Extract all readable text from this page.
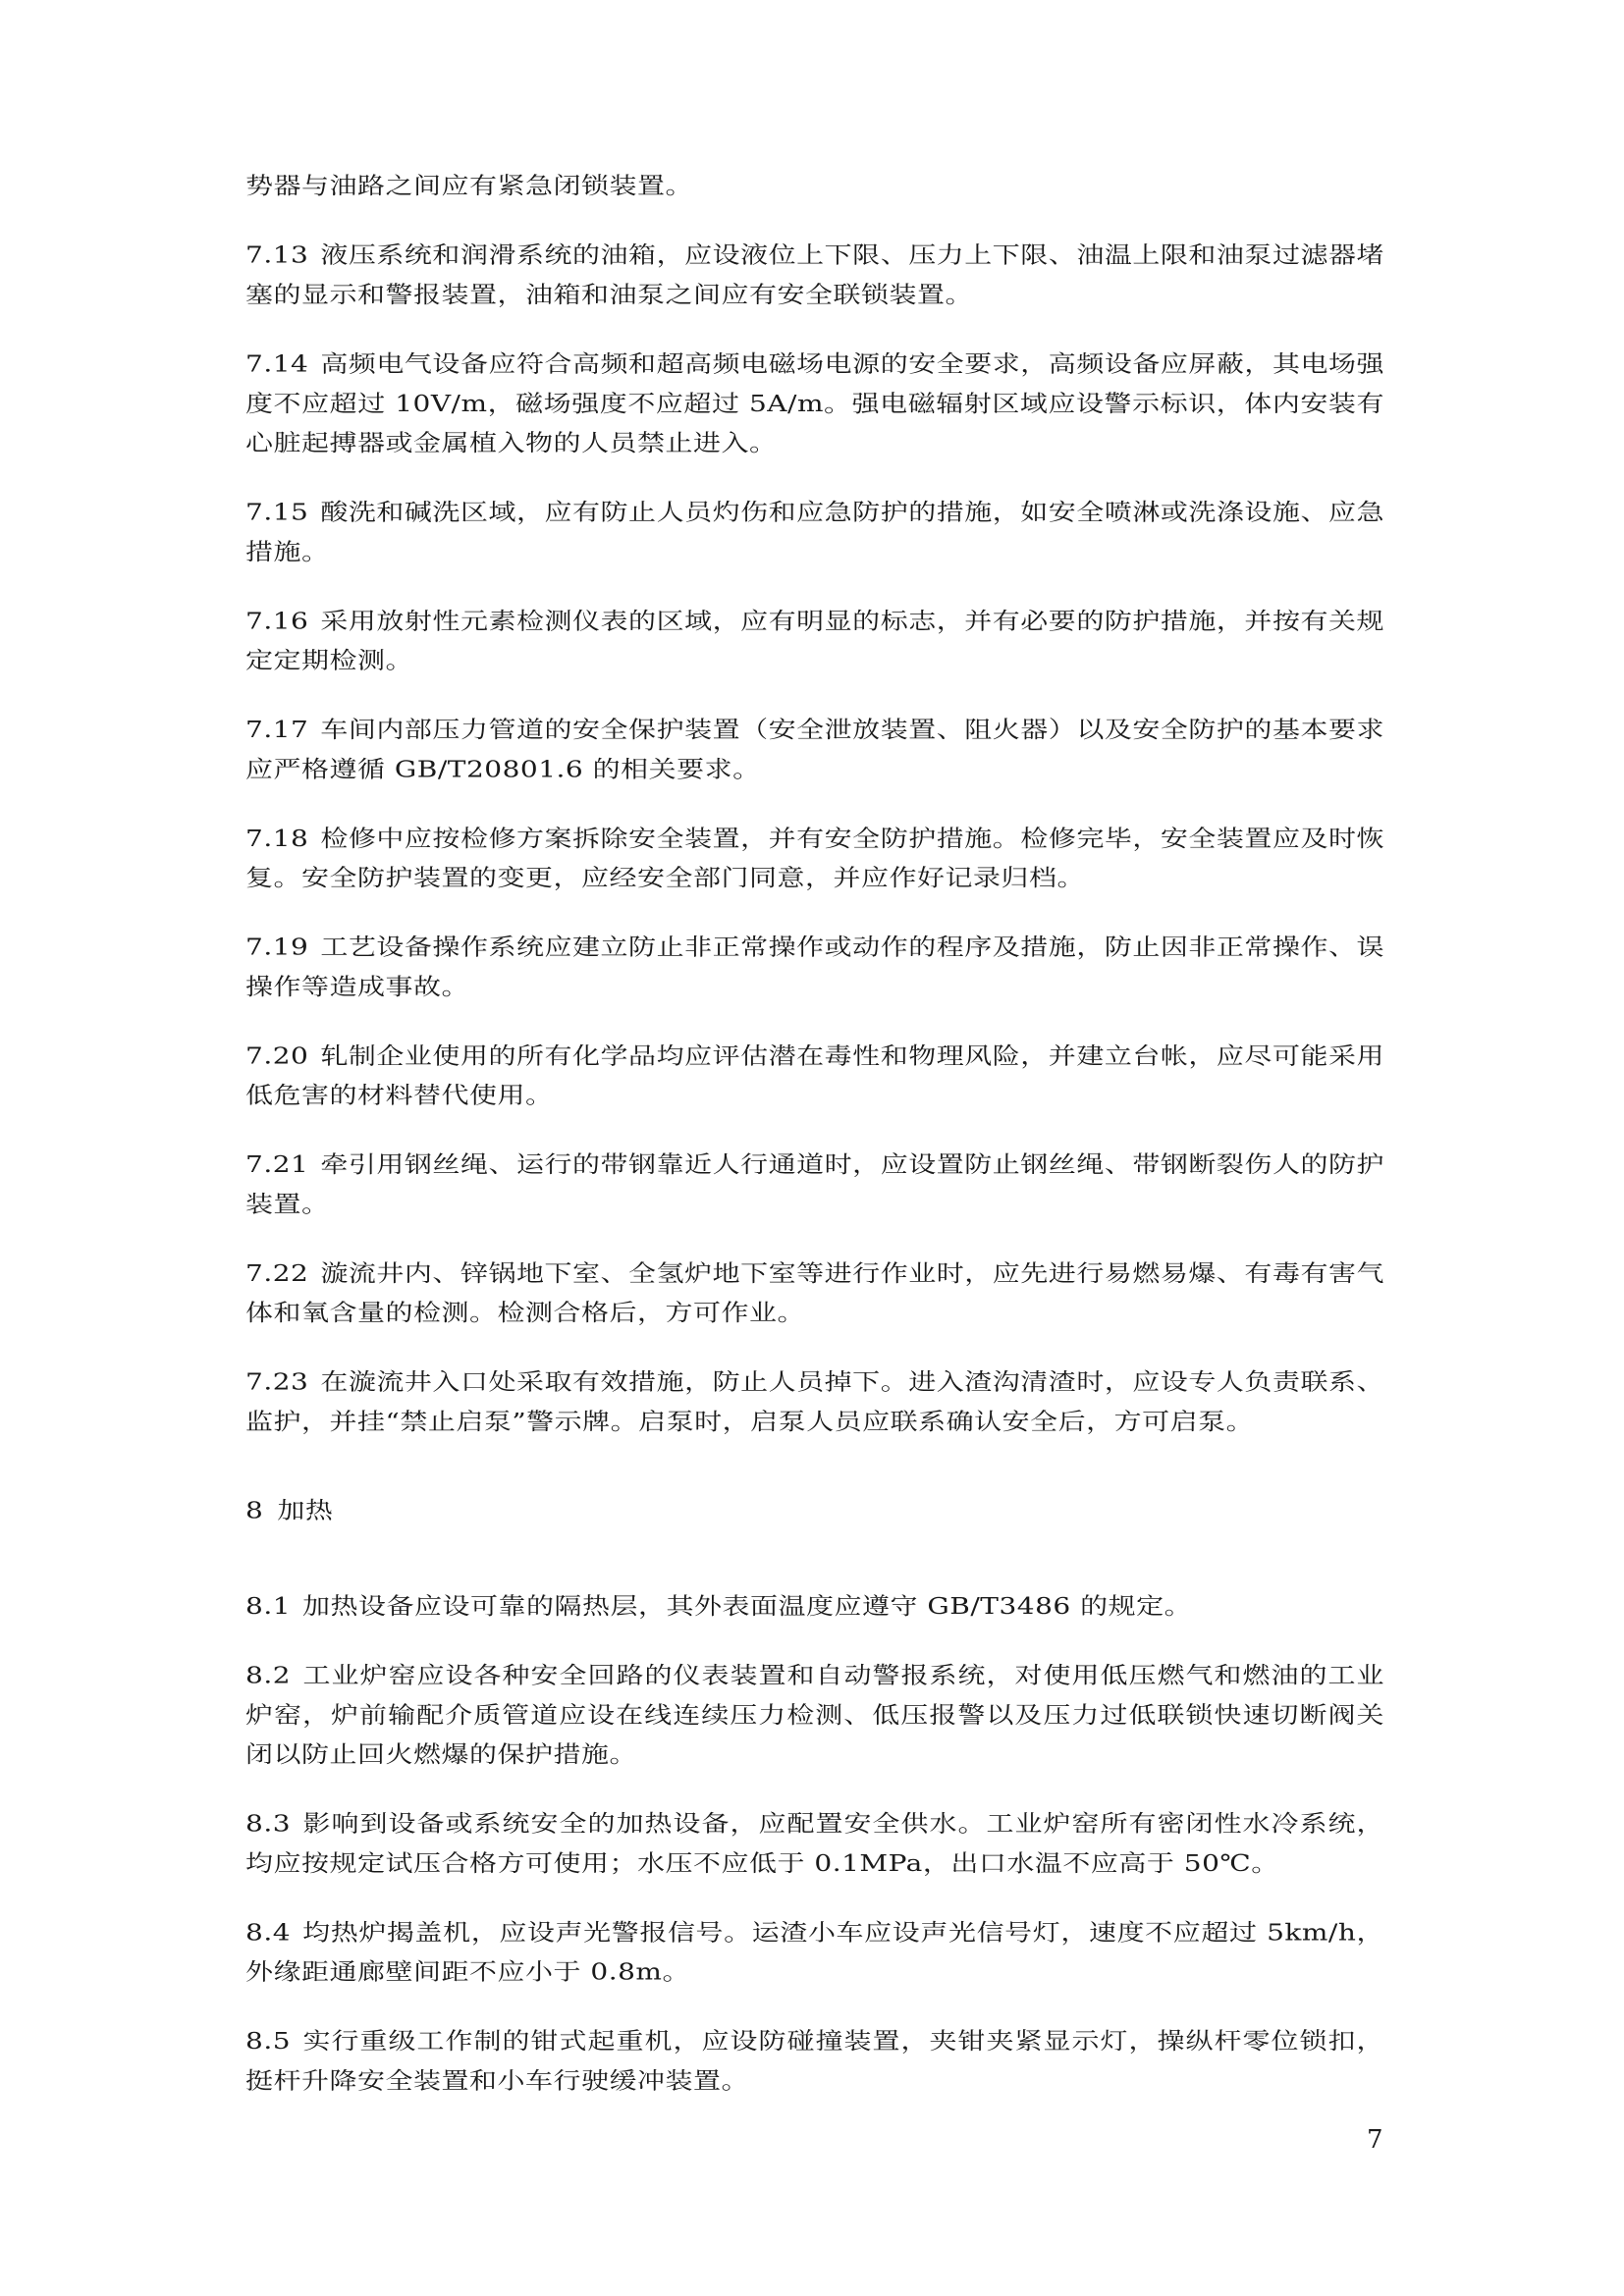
势器与油路之间应有紧急闭锁装置。

7.13 液压系统和润滑系统的油箱，应设液位上下限、压力上下限、油温上限和油泵过滤器堵塞的显示和警报装置，油箱和油泵之间应有安全联锁装置。

7.14 高频电气设备应符合高频和超高频电磁场电源的安全要求，高频设备应屏蔽，其电场强度不应超过 10V/m，磁场强度不应超过 5A/m。强电磁辐射区域应设警示标识，体内安装有心脏起搏器或金属植入物的人员禁止进入。

7.15 酸洗和碱洗区域，应有防止人员灼伤和应急防护的措施，如安全喷淋或洗涤设施、应急措施。

7.16 采用放射性元素检测仪表的区域，应有明显的标志，并有必要的防护措施，并按有关规定定期检测。

7.17 车间内部压力管道的安全保护装置（安全泄放装置、阻火器）以及安全防护的基本要求应严格遵循 GB/T20801.6 的相关要求。

7.18 检修中应按检修方案拆除安全装置，并有安全防护措施。检修完毕，安全装置应及时恢复。安全防护装置的变更，应经安全部门同意，并应作好记录归档。

7.19 工艺设备操作系统应建立防止非正常操作或动作的程序及措施，防止因非正常操作、误操作等造成事故。

7.20 轧制企业使用的所有化学品均应评估潜在毒性和物理风险，并建立台帐，应尽可能采用低危害的材料替代使用。

7.21 牵引用钢丝绳、运行的带钢靠近人行通道时，应设置防止钢丝绳、带钢断裂伤人的防护装置。

7.22 漩流井内、锌锅地下室、全氢炉地下室等进行作业时，应先进行易燃易爆、有毒有害气体和氧含量的检测。检测合格后，方可作业。

7.23 在漩流井入口处采取有效措施，防止人员掉下。进入渣沟清渣时，应设专人负责联系、监护，并挂“禁止启泵”警示牌。启泵时，启泵人员应联系确认安全后，方可启泵。

8 加热

8.1 加热设备应设可靠的隔热层，其外表面温度应遵守 GB/T3486 的规定。

8.2 工业炉窑应设各种安全回路的仪表装置和自动警报系统，对使用低压燃气和燃油的工业炉窑，炉前输配介质管道应设在线连续压力检测、低压报警以及压力过低联锁快速切断阀关闭以防止回火燃爆的保护措施。

8.3 影响到设备或系统安全的加热设备，应配置安全供水。工业炉窑所有密闭性水冷系统，均应按规定试压合格方可使用；水压不应低于 0.1MPa，出口水温不应高于 50℃。

8.4 均热炉揭盖机，应设声光警报信号。运渣小车应设声光信号灯，速度不应超过 5km/h，外缘距通廊壁间距不应小于 0.8m。

8.5 实行重级工作制的钳式起重机，应设防碰撞装置，夹钳夹紧显示灯，操纵杆零位锁扣，挺杆升降安全装置和小车行驶缓冲装置。

7
